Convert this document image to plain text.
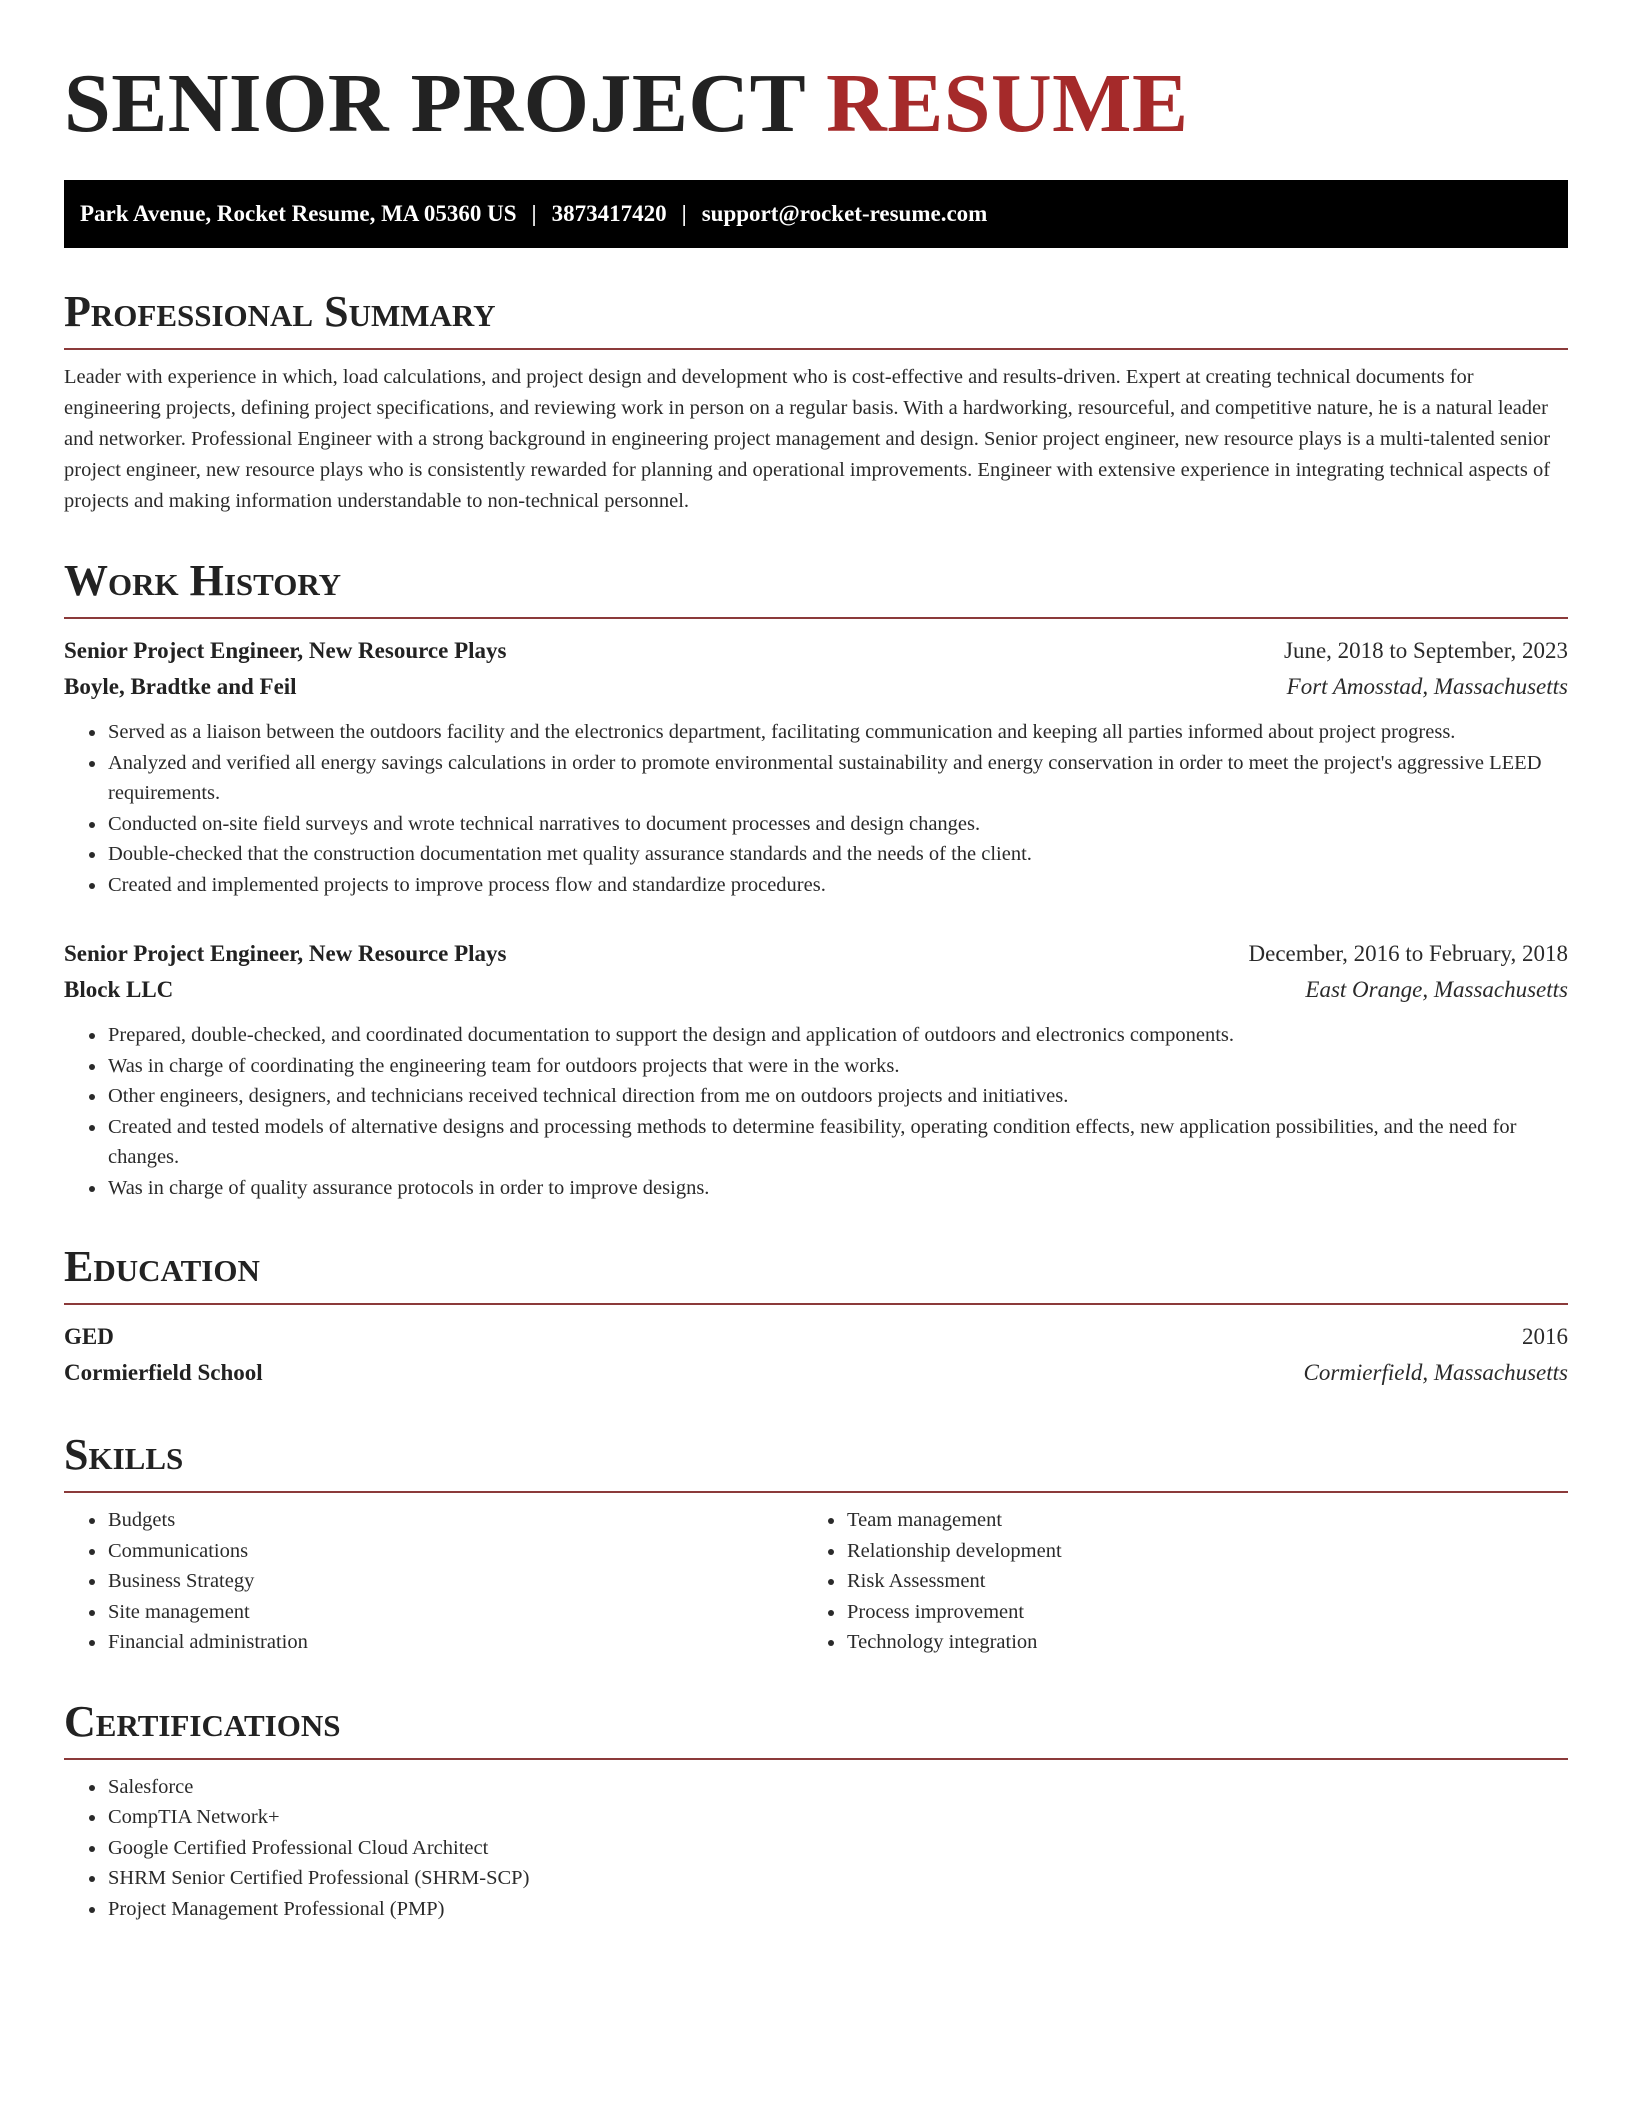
SENIOR PROJECT RESUME
Park Avenue, Rocket Resume, MA 05360 US | 3873417420 | support@rocket-resume.com
Professional Summary
Leader with experience in which, load calculations, and project design and development who is cost-effective and results-driven. Expert at creating technical documents for engineering projects, defining project specifications, and reviewing work in person on a regular basis. With a hardworking, resourceful, and competitive nature, he is a natural leader and networker. Professional Engineer with a strong background in engineering project management and design. Senior project engineer, new resource plays is a multi-talented senior project engineer, new resource plays who is consistently rewarded for planning and operational improvements. Engineer with extensive experience in integrating technical aspects of projects and making information understandable to non-technical personnel.
Work History
Senior Project Engineer, New Resource Plays	June, 2018 to September, 2023
Boyle, Bradtke and Feil	Fort Amosstad, Massachusetts
• Served as a liaison between the outdoors facility and the electronics department, facilitating communication and keeping all parties informed about project progress.
• Analyzed and verified all energy savings calculations in order to promote environmental sustainability and energy conservation in order to meet the project's aggressive LEED requirements.
• Conducted on-site field surveys and wrote technical narratives to document processes and design changes.
• Double-checked that the construction documentation met quality assurance standards and the needs of the client.
• Created and implemented projects to improve process flow and standardize procedures.
Senior Project Engineer, New Resource Plays	December, 2016 to February, 2018
Block LLC	East Orange, Massachusetts
• Prepared, double-checked, and coordinated documentation to support the design and application of outdoors and electronics components.
• Was in charge of coordinating the engineering team for outdoors projects that were in the works.
• Other engineers, designers, and technicians received technical direction from me on outdoors projects and initiatives.
• Created and tested models of alternative designs and processing methods to determine feasibility, operating condition effects, new application possibilities, and the need for changes.
• Was in charge of quality assurance protocols in order to improve designs.
Education
GED	2016
Cormierfield School	Cormierfield, Massachusetts
Skills
• Budgets
• Communications
• Business Strategy
• Site management
• Financial administration
• Team management
• Relationship development
• Risk Assessment
• Process improvement
• Technology integration
Certifications
• Salesforce
• CompTIA Network+
• Google Certified Professional Cloud Architect
• SHRM Senior Certified Professional (SHRM-SCP)
• Project Management Professional (PMP)
